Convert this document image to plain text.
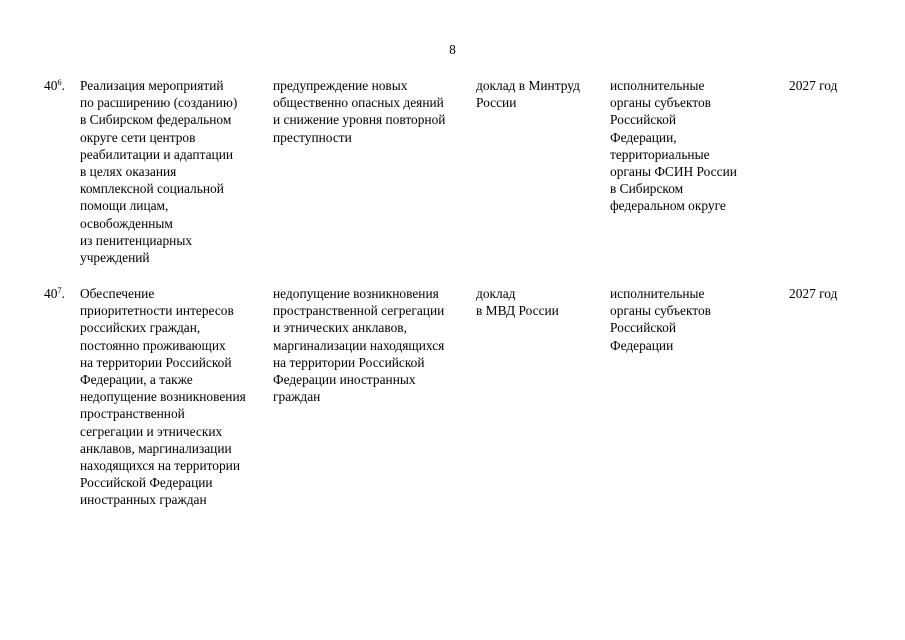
8
$40^6$.	Реализация мероприятий
по расширению (созданию)
в Сибирском федеральном
округе сети центров
реабилитации и адаптации
в целях оказания
комплексной социальной
помощи лицам,
освобожденным
из пенитенциарных
учреждений
предупреждение новых
общественно опасных деяний
и снижение уровня повторной
преступности
доклад в Минтруд
России
исполнительные
органы субъектов
Российской
Федерации,
территориальные
органы ФСИН России
в Сибирском
федеральном округе
2027 год
$40^7$.	Обеспечение
приоритетности интересов
российских граждан,
постоянно проживающих
на территории Российской
Федерации, а также
недопущение возникновения
пространственной
сегрегации и этнических
анклавов, маргинализации
находящихся на территории
Российской Федерации
иностранных граждан
недопущение возникновения
пространственной сегрегации
и этнических анклавов,
маргинализации находящихся
на территории Российской
Федерации иностранных
граждан
доклад
в МВД России
исполнительные
органы субъектов
Российской
Федерации
2027 год
